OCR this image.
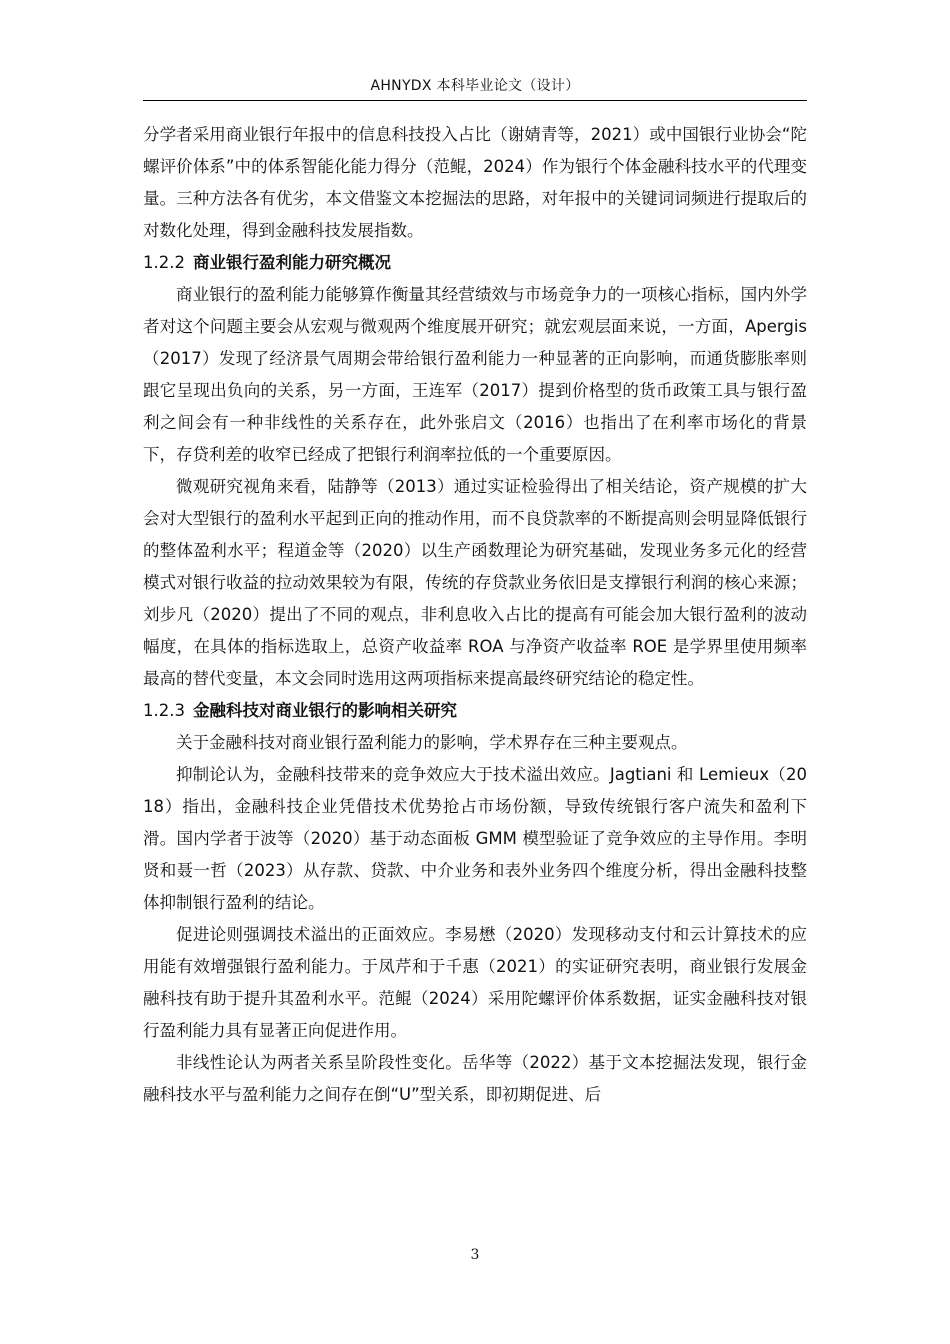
AHNYDX 本科毕业论文（设计）

分学者采用商业银行年报中的信息科技投入占比（谢婧青等，2021）或中国银行业协会“陀螺评价体系”中的体系智能化能力得分（范鲲，2024）作为银行个体金融科技水平的代理变量。三种方法各有优劣，本文借鉴文本挖掘法的思路，对年报中的关键词词频进行提取后的对数化处理，得到金融科技发展指数。

1.2.2 商业银行盈利能力研究概况

商业银行的盈利能力能够算作衡量其经营绩效与市场竞争力的一项核心指标，国内外学者对这个问题主要会从宏观与微观两个维度展开研究；就宏观层面来说，一方面，Apergis（2017）发现了经济景气周期会带给银行盈利能力一种显著的正向影响，而通货膨胀率则跟它呈现出负向的关系，另一方面，王连军（2017）提到价格型的货币政策工具与银行盈利之间会有一种非线性的关系存在，此外张启文（2016）也指出了在利率市场化的背景下，存贷利差的收窄已经成了把银行利润率拉低的一个重要原因。

微观研究视角来看，陆静等（2013）通过实证检验得出了相关结论，资产规模的扩大会对大型银行的盈利水平起到正向的推动作用，而不良贷款率的不断提高则会明显降低银行的整体盈利水平；程道金等（2020）以生产函数理论为研究基础，发现业务多元化的经营模式对银行收益的拉动效果较为有限，传统的存贷款业务依旧是支撑银行利润的核心来源；刘步凡（2020）提出了不同的观点，非利息收入占比的提高有可能会加大银行盈利的波动幅度，在具体的指标选取上，总资产收益率 ROA 与净资产收益率 ROE 是学界里使用频率最高的替代变量，本文会同时选用这两项指标来提高最终研究结论的稳定性。

1.2.3 金融科技对商业银行的影响相关研究

关于金融科技对商业银行盈利能力的影响，学术界存在三种主要观点。

抑制论认为，金融科技带来的竞争效应大于技术溢出效应。Jagtiani 和 Lemieux（2018）指出，金融科技企业凭借技术优势抢占市场份额，导致传统银行客户流失和盈利下滑。国内学者于波等（2020）基于动态面板 GMM 模型验证了竞争效应的主导作用。李明贤和聂一哲（2023）从存款、贷款、中介业务和表外业务四个维度分析，得出金融科技整体抑制银行盈利的结论。

促进论则强调技术溢出的正面效应。李易懋（2020）发现移动支付和云计算技术的应用能有效增强银行盈利能力。于凤芹和于千惠（2021）的实证研究表明，商业银行发展金融科技有助于提升其盈利水平。范鲲（2024）采用陀螺评价体系数据，证实金融科技对银行盈利能力具有显著正向促进作用。

非线性论认为两者关系呈阶段性变化。岳华等（2022）基于文本挖掘法发现，银行金融科技水平与盈利能力之间存在倒“U”型关系，即初期促进、后

3
